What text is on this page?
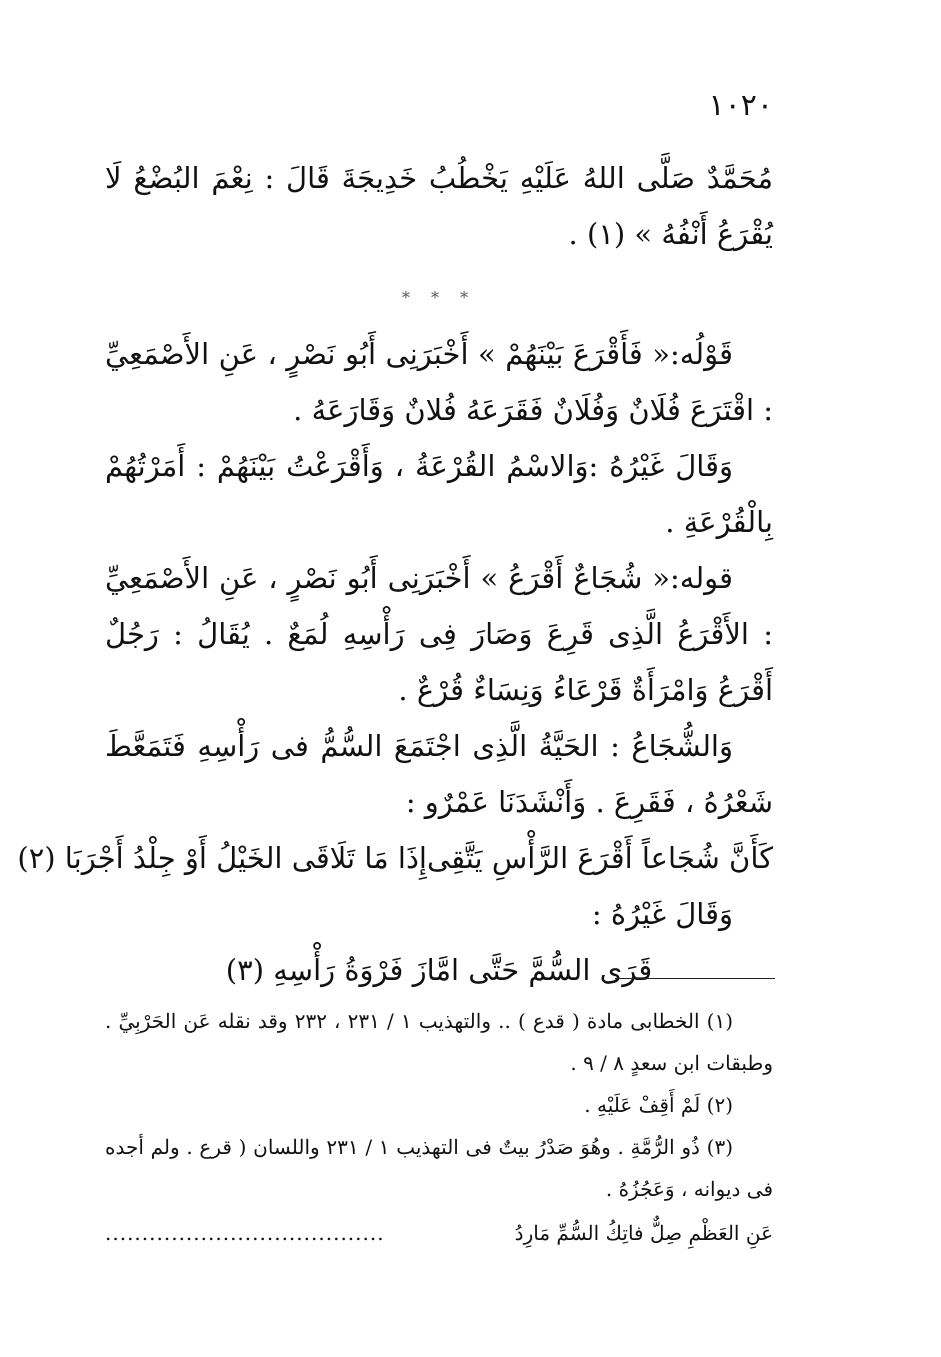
١٠٢٠

مُحَمَّدٌ صَلَّى اللهُ عَلَيْهِ يَخْطُبُ خَدِيجَةَ قَالَ : نِعْمَ البُضْعُ لَا يُقْرَعُ أَنْفُهُ » (١) .

* * *

قَوْلُه:« فَأَقْرَعَ بَيْنَهُمْ » أَخْبَرَنِى أَبُو نَصْرٍ ، عَنِ الأَصْمَعِيِّ : اقْتَرَعَ فُلَانٌ وَفُلَانٌ فَقَرَعَهُ فُلانٌ وَقَارَعَهُ .

وَقَالَ غَيْرُهُ :وَالاسْمُ القُرْعَةُ ، وَأَقْرَعْتُ بَيْنَهُمْ : أَمَرْتُهُمْ بِالْقُرْعَةِ .

قوله:« شُجَاعٌ أَقْرَعُ » أَخْبَرَنِى أَبُو نَصْرٍ ، عَنِ الأَصْمَعِيِّ : الأَقْرَعُ الَّذِى قَرِعَ وَصَارَ فِى رَأْسِهِ لُمَعٌ . يُقَالُ : رَجُلٌ أَقْرَعُ وَامْرَأَةٌ قَرْعَاءُ وَنِسَاءٌ قُرْعٌ .

وَالشُّجَاعُ : الحَيَّةُ الَّذِى اجْتَمَعَ السُّمُّ فى رَأْسِهِ فَتَمَعَّطَ شَعْرُهُ ، فَقَرِعَ . وَأَنْشَدَنَا عَمْرٌو :

كَأَنَّ شُجَاعاً أَقْرَعَ الرَّأْسِ يَتَّقِى
إِذَا مَا تَلَاقَى الخَيْلُ أَوْ جِلْدُ أَجْرَبَا (٢)

وَقَالَ غَيْرُهُ :

قَرَى السُّمَّ حَتَّى امَّازَ فَرْوَةُ رَأْسِهِ (٣)

(١) الخطابى مادة ( قدع ) .. والتهذيب ١ / ٢٣١ ، ٢٣٢ وقد نقله عَن الحَرْبِيِّ . وطبقات ابن سعدٍ ٨ / ٩ .

(٢) لَمْ أَقِفْ عَلَيْهِ .

(٣) ذُو الرُّمَّةِ . وهُوَ صَدْرُ بيتٌ فى التهذيب ١ / ٢٣١ واللسان ( قرع . ولم أجده فى ديوانه ، وَعَجُزُهُ .

عَنِ العَظْمِ صِلٌّ فاتِكُ السُّمِّ مَارِدُ
......................................
